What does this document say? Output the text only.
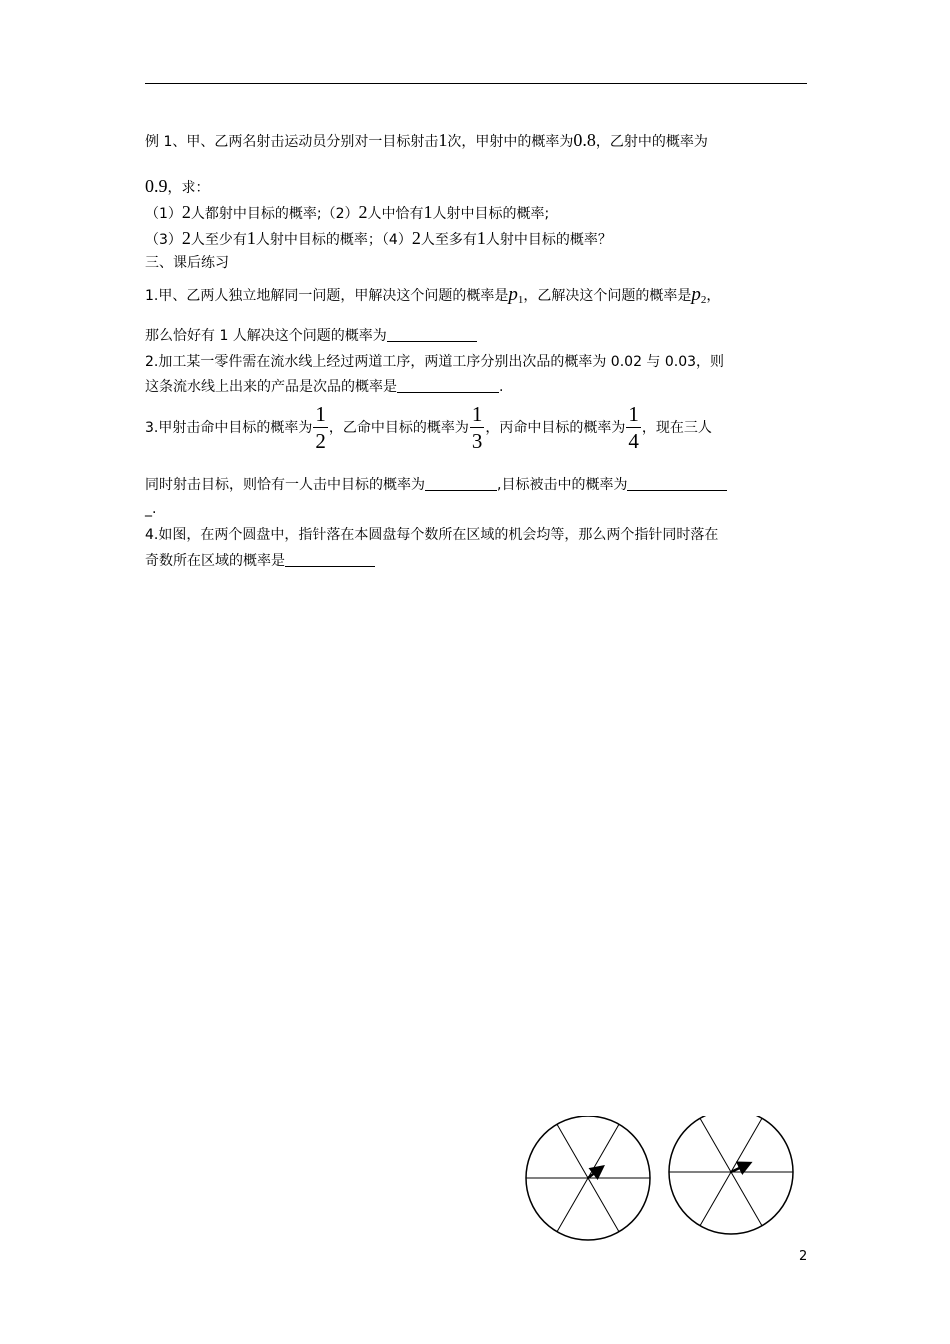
例 1、甲、乙两名射击运动员分别对一目标射击1次，甲射中的概率为0.8，乙射中的概率为
0.9，求：
（1）2人都射中目标的概率;（2）2人中恰有1人射中目标的概率;
（3）2人至少有1人射中目标的概率；（4）2人至多有1人射中目标的概率？
三、课后练习
1.甲、乙两人独立地解同一问题，甲解决这个问题的概率是$p_1$，乙解决这个问题的概率是$p_2$，
那么恰好有 1 人解决这个问题的概率为
2.加工某一零件需在流水线上经过两道工序，两道工序分别出次品的概率为 0.02 与 0.03，则
这条流水线上出来的产品是次品的概率是	.
3.甲射击命中目标的概率为 $\frac{1}{2}$ ，乙命中目标的概率为 $\frac{1}{3}$ ，丙命中目标的概率为 $\frac{1}{4}$ ，现在三人
同时射击目标，则恰有一人击中目标的概率为	,目标被击中的概率为
_.
4.如图，在两个圆盘中，指针落在本圆盘每个数所在区域的机会均等，那么两个指针同时落在
奇数所在区域的概率是
2
